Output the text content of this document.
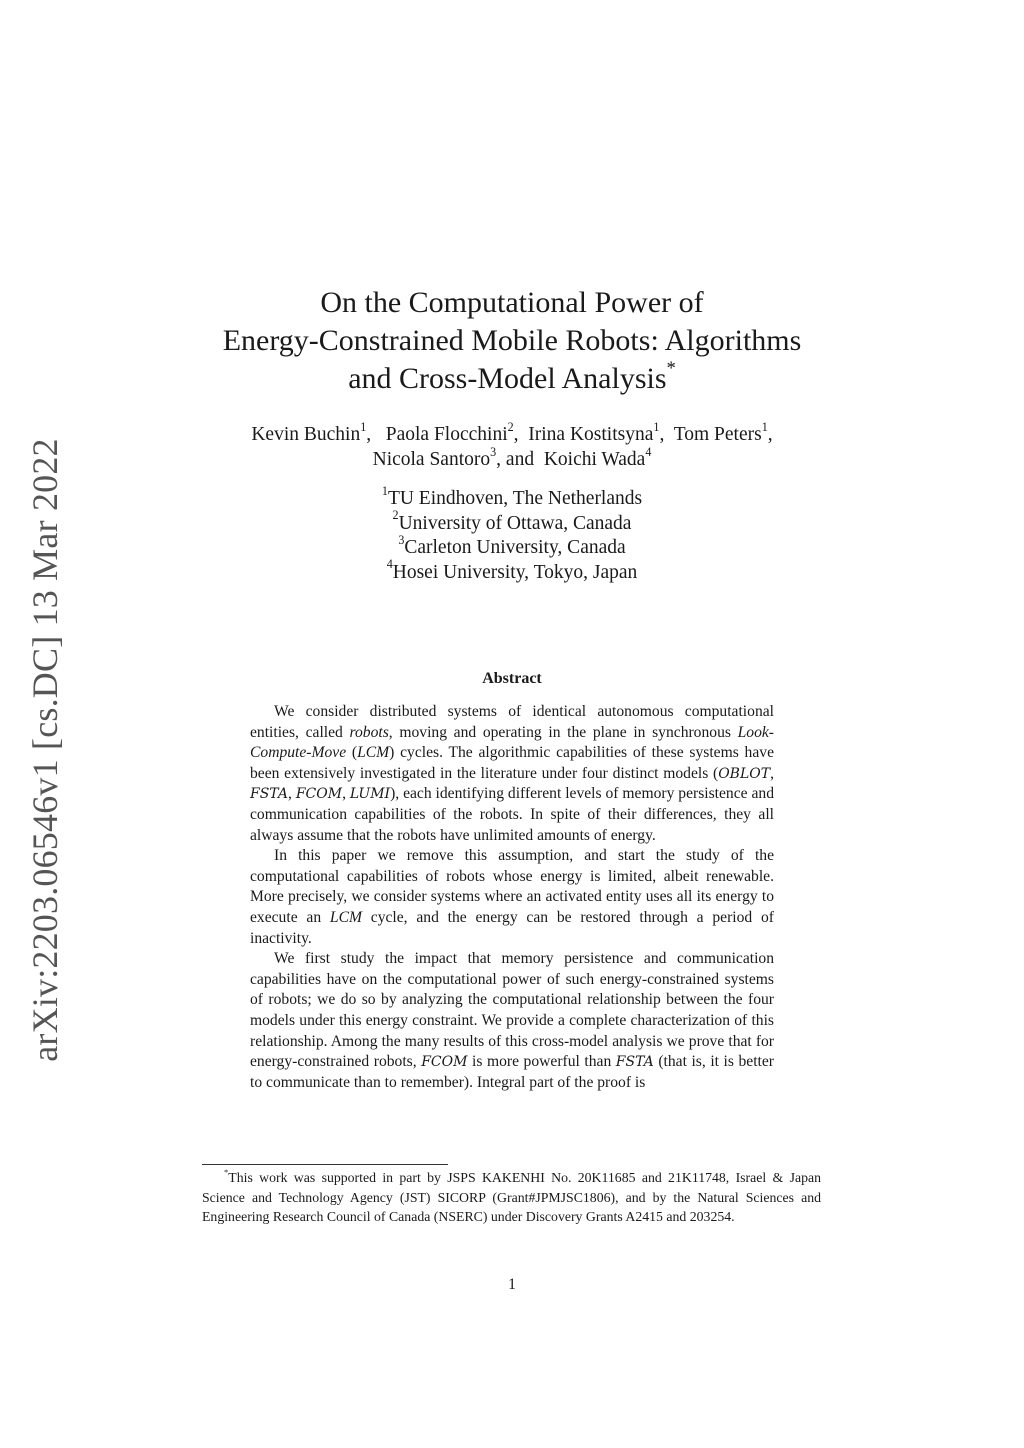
arXiv:2203.06546v1 [cs.DC] 13 Mar 2022
On the Computational Power of
Energy-Constrained Mobile Robots: Algorithms
and Cross-Model Analysis*
Kevin Buchin$^1$,   Paola Flocchini$^2$,  Irina Kostitsyna$^1$,  Tom Peters$^1$,
Nicola Santoro$^3$, and  Koichi Wada$^4$
$^1$TU Eindhoven, The Netherlands
$^2$University of Ottawa, Canada
$^3$Carleton University, Canada
$^4$Hosei University, Tokyo, Japan
Abstract

We consider distributed systems of identical autonomous computational entities, called robots, moving and operating in the plane in synchronous Look-Compute-Move (LCM) cycles. The algorithmic capabilities of these systems have been extensively investigated in the literature under four distinct models (OBLOT, FSTA, FCOM, LUMI), each identifying different levels of memory persistence and communication capabilities of the robots. In spite of their differences, they all always assume that the robots have unlimited amounts of energy.

In this paper we remove this assumption, and start the study of the computational capabilities of robots whose energy is limited, albeit renewable. More precisely, we consider systems where an activated entity uses all its energy to execute an LCM cycle, and the energy can be restored through a period of inactivity.

We first study the impact that memory persistence and communication capabilities have on the computational power of such energy-constrained systems of robots; we do so by analyzing the computational relationship between the four models under this energy constraint. We provide a complete characterization of this relationship. Among the many results of this cross-model analysis we prove that for energy-constrained robots, FCOM is more powerful than FSTA (that is, it is better to communicate than to remember). Integral part of the proof is

*This work was supported in part by JSPS KAKENHI No. 20K11685 and 21K11748, Israel & Japan Science and Technology Agency (JST) SICORP (Grant#JPMJSC1806), and by the Natural Sciences and Engineering Research Council of Canada (NSERC) under Discovery Grants A2415 and 203254.

1
